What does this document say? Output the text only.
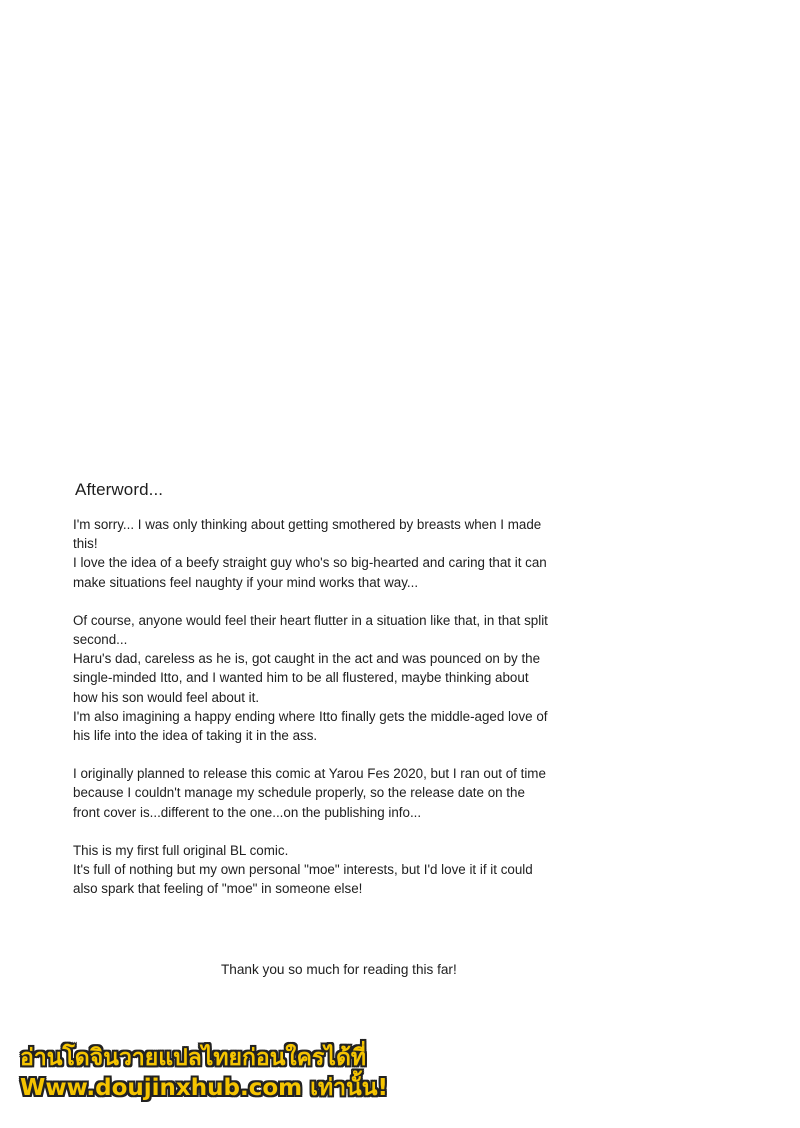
Afterword...

I'm sorry... I was only thinking about getting smothered by breasts when I made
this!
I love the idea of a beefy straight guy who's so big-hearted and caring that it can
make situations feel naughty if your mind works that way...

Of course, anyone would feel their heart flutter in a situation like that, in that split
second...
Haru's dad, careless as he is, got caught in the act and was pounced on by the
single-minded Itto, and I wanted him to be all flustered, maybe thinking about
how his son would feel about it.
I'm also imagining a happy ending where Itto finally gets the middle-aged love of
his life into the idea of taking it in the ass.

I originally planned to release this comic at Yarou Fes 2020, but I ran out of time
because I couldn't manage my schedule properly, so the release date on the
front cover is...different to the one...on the publishing info...

This is my first full original BL comic.
It's full of nothing but my own personal "moe" interests, but I'd love it if it could
also spark that feeling of "moe" in someone else!

Thank you so much for reading this far!
อ่านโดจินวายแปลไทยก่อนใครได้ที่
Www.doujinxhub.com เท่านั้น!
